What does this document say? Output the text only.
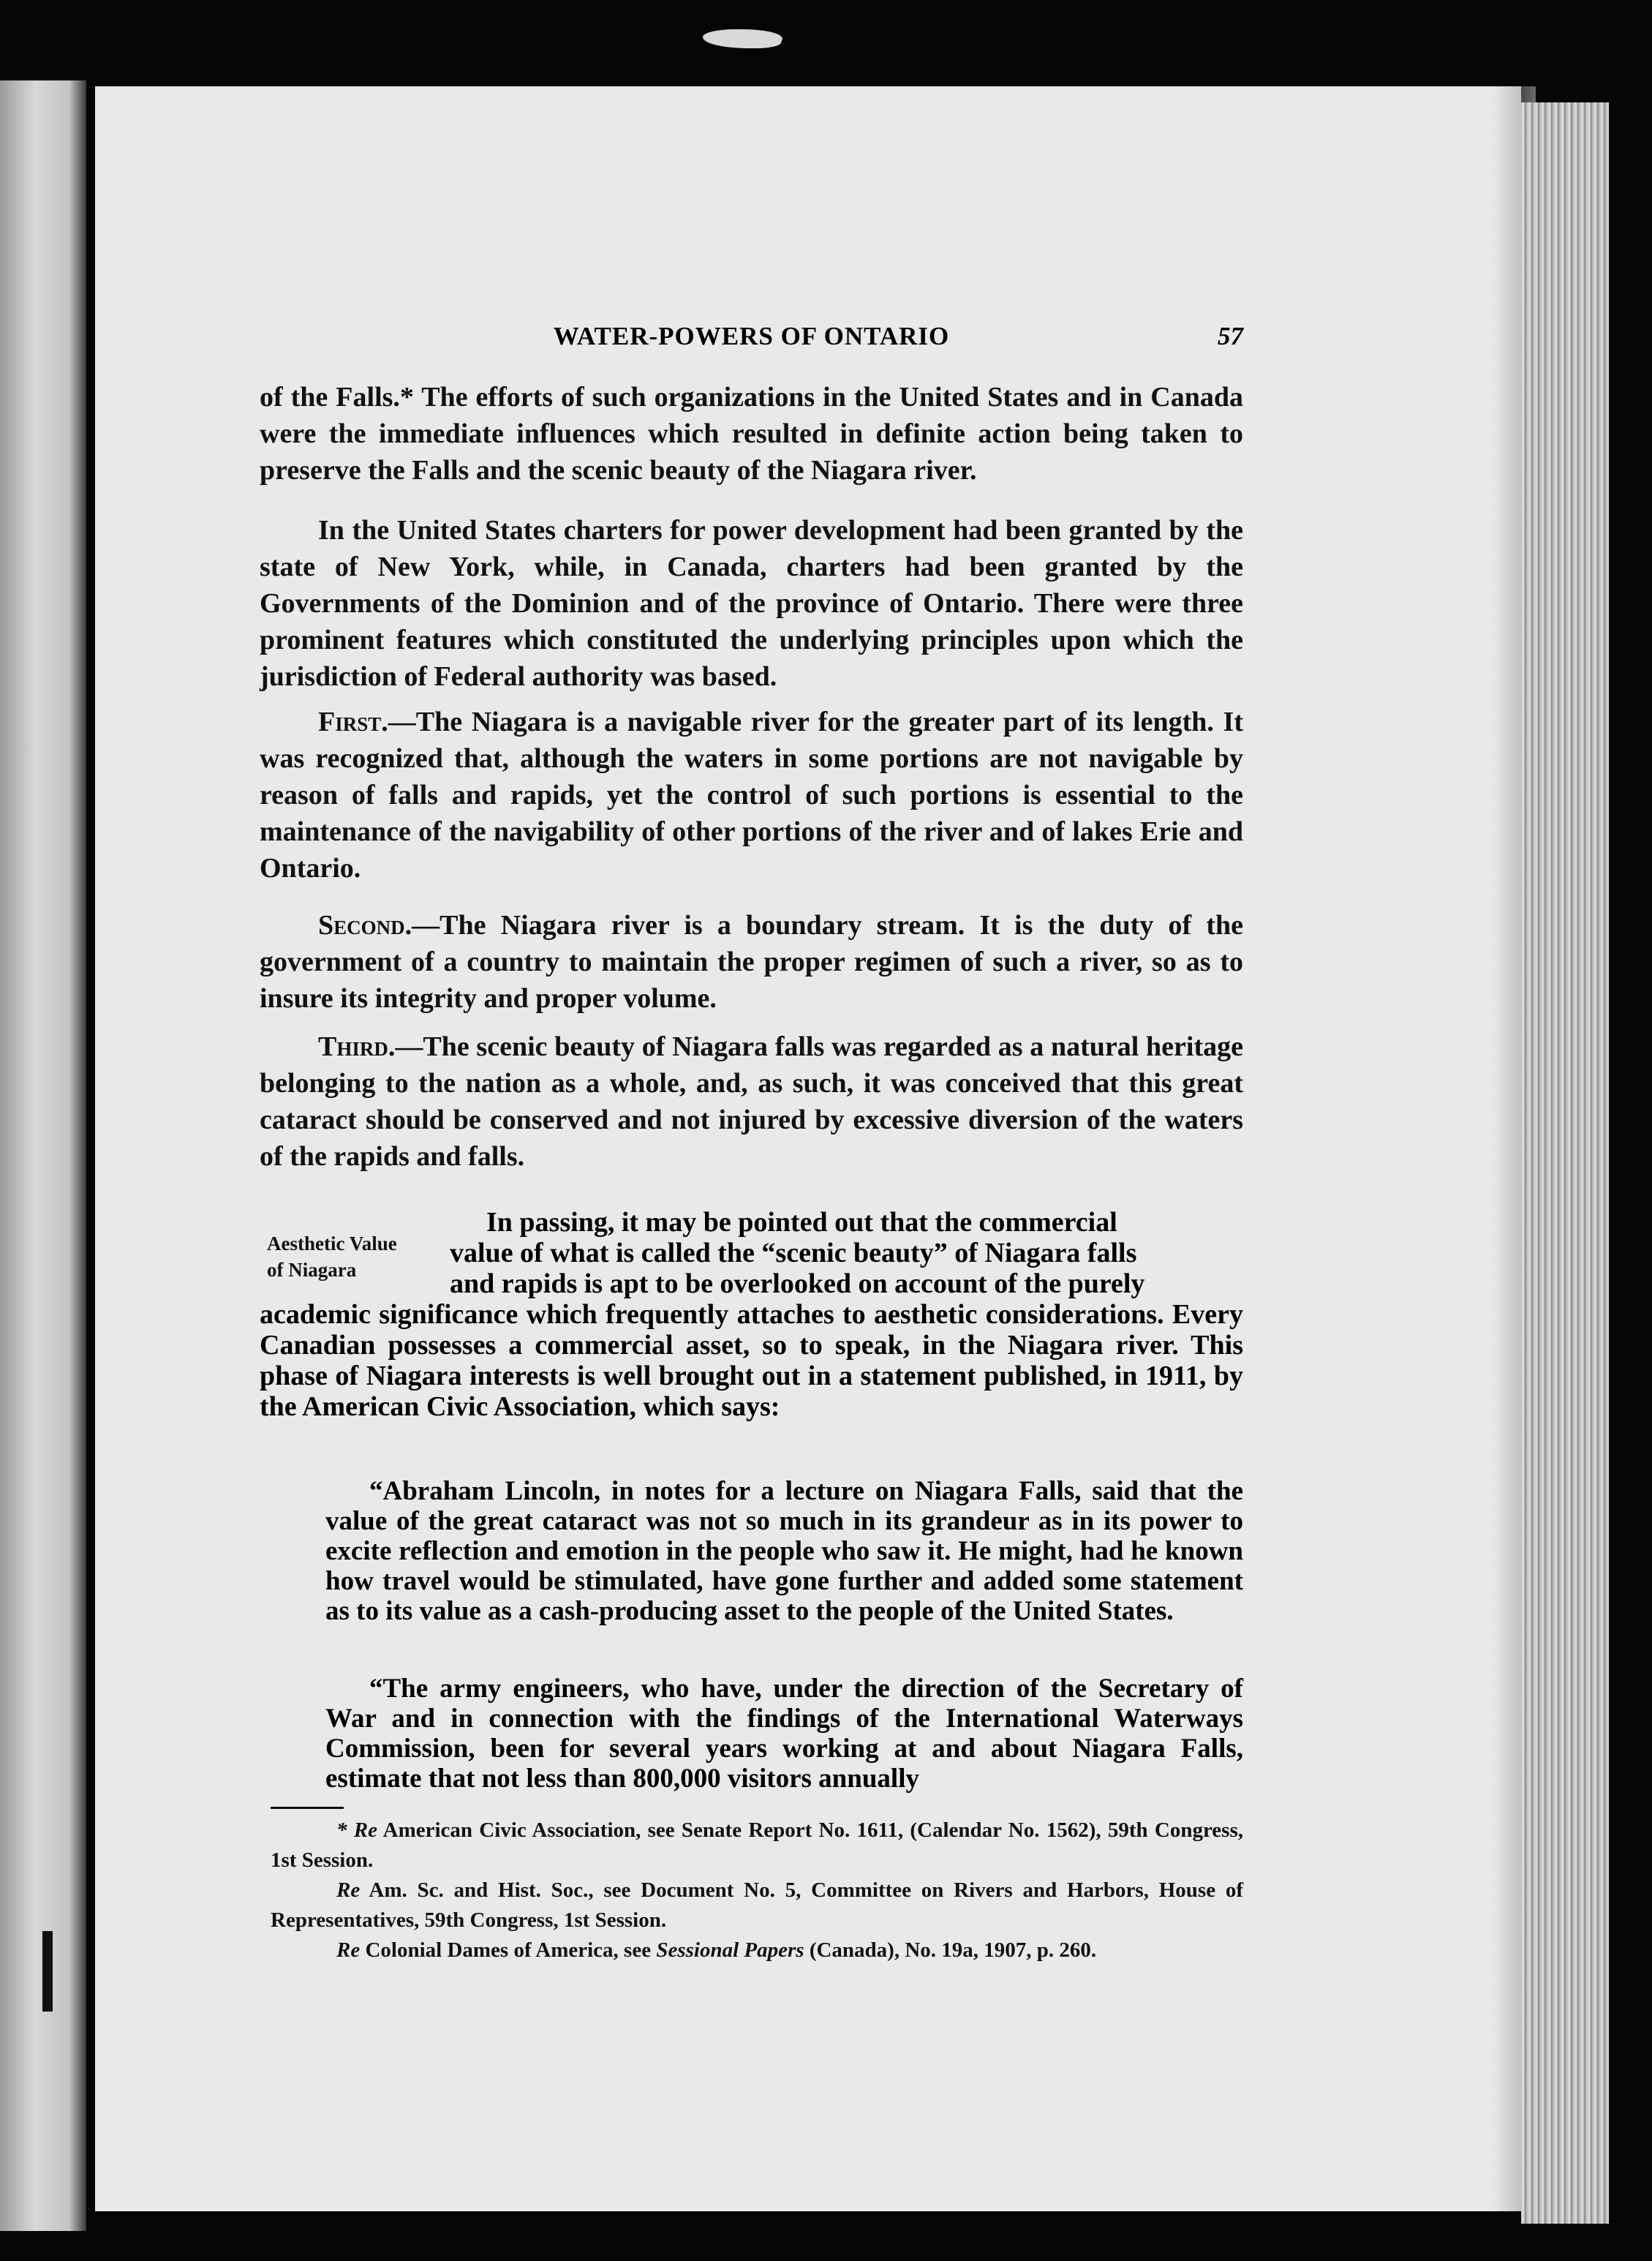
WATER-POWERS OF ONTARIO	57

of the Falls.* The efforts of such organizations in the United States and in Canada were the immediate influences which resulted in definite action being taken to preserve the Falls and the scenic beauty of the Niagara river.

In the United States charters for power development had been granted by the state of New York, while, in Canada, charters had been granted by the Governments of the Dominion and of the province of Ontario. There were three prominent features which constituted the underlying principles upon which the jurisdiction of Federal authority was based.

First.—The Niagara is a navigable river for the greater part of its length. It was recognized that, although the waters in some portions are not navigable by reason of falls and rapids, yet the control of such portions is essential to the maintenance of the navigability of other portions of the river and of lakes Erie and Ontario.

Second.—The Niagara river is a boundary stream. It is the duty of the government of a country to maintain the proper regimen of such a river, so as to insure its integrity and proper volume.

Third.—The scenic beauty of Niagara falls was regarded as a natural heritage belonging to the nation as a whole, and, as such, it was conceived that this great cataract should be conserved and not injured by excessive diversion of the waters of the rapids and falls.

Aesthetic Value
of Niagara
In passing, it may be pointed out that the commercial
value of what is called the “scenic beauty” of Niagara falls
and rapids is apt to be overlooked on account of the purely

academic significance which frequently attaches to aesthetic considerations. Every Canadian possesses a commercial asset, so to speak, in the Niagara river. This phase of Niagara interests is well brought out in a statement published, in 1911, by the American Civic Association, which says:

“Abraham Lincoln, in notes for a lecture on Niagara Falls, said that the value of the great cataract was not so much in its grandeur as in its power to excite reflection and emotion in the people who saw it. He might, had he known how travel would be stimulated, have gone further and added some statement as to its value as a cash-producing asset to the people of the United States.

“The army engineers, who have, under the direction of the Secretary of War and in connection with the findings of the International Waterways Commission, been for several years working at and about Niagara Falls, estimate that not less than 800,000 visitors annually

* Re American Civic Association, see Senate Report No. 1611, (Calendar No. 1562), 59th Congress, 1st Session.

Re Am. Sc. and Hist. Soc., see Document No. 5, Committee on Rivers and Harbors, House of Representatives, 59th Congress, 1st Session.

Re Colonial Dames of America, see Sessional Papers (Canada), No. 19a, 1907, p. 260.
